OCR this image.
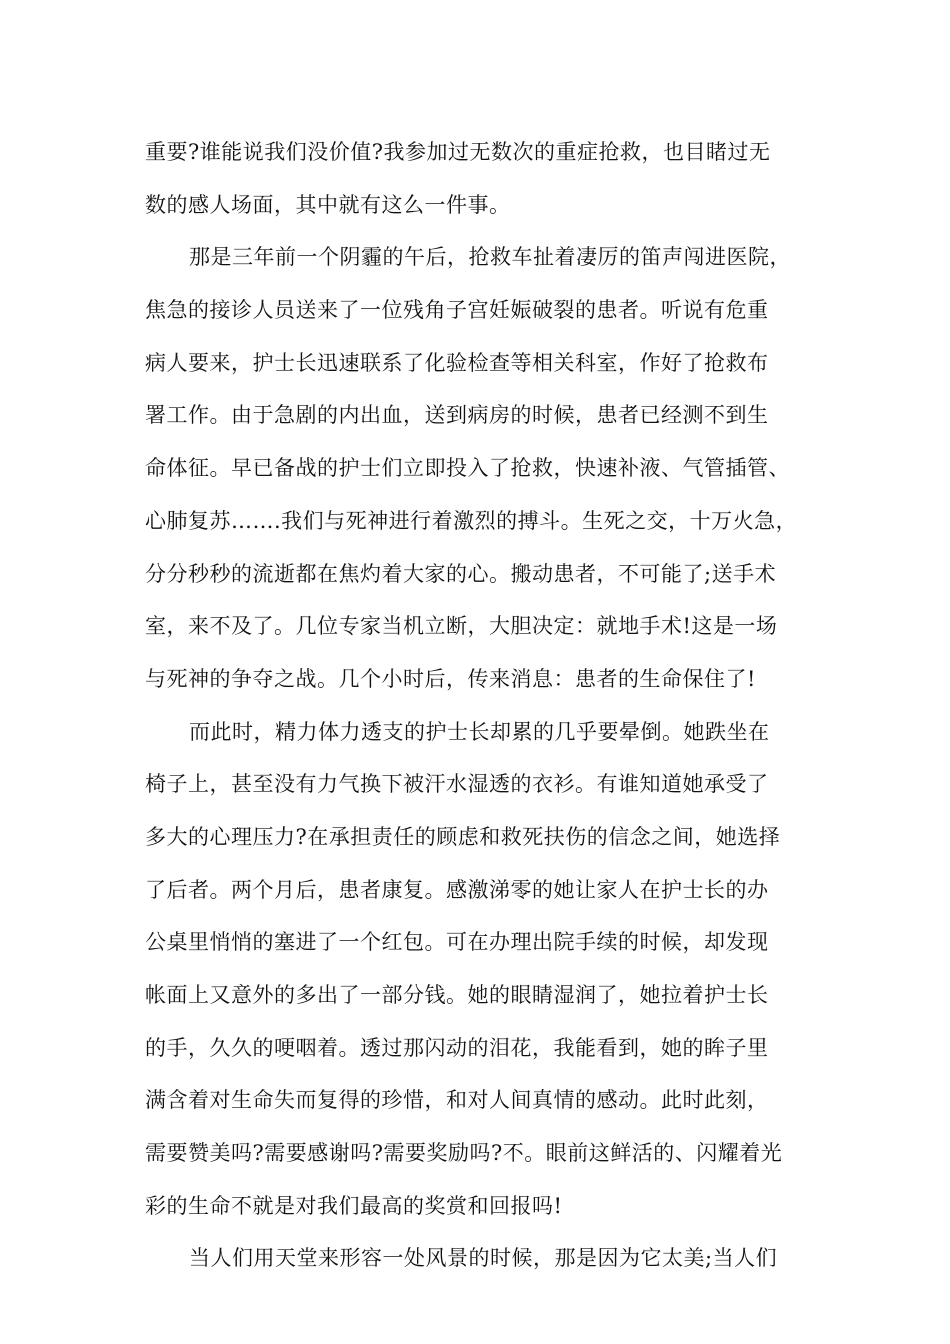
重要?谁能说我们没价值?我参加过无数次的重症抢救，也目睹过无
数的感人场面，其中就有这么一件事。
那是三年前一个阴霾的午后，抢救车扯着凄厉的笛声闯进医院，
焦急的接诊人员送来了一位残角子宫妊娠破裂的患者。听说有危重
病人要来，护士长迅速联系了化验检查等相关科室，作好了抢救布
署工作。由于急剧的内出血，送到病房的时候，患者已经测不到生
命体征。早已备战的护士们立即投入了抢救，快速补液、气管插管、
心肺复苏…….我们与死神进行着激烈的搏斗。生死之交，十万火急，
分分秒秒的流逝都在焦灼着大家的心。搬动患者，不可能了;送手术
室，来不及了。几位专家当机立断，大胆决定：就地手术!这是一场
与死神的争夺之战。几个小时后，传来消息：患者的生命保住了!
而此时，精力体力透支的护士长却累的几乎要晕倒。她跌坐在
椅子上，甚至没有力气换下被汗水湿透的衣衫。有谁知道她承受了
多大的心理压力?在承担责任的顾虑和救死扶伤的信念之间，她选择
了后者。两个月后，患者康复。感激涕零的她让家人在护士长的办
公桌里悄悄的塞进了一个红包。可在办理出院手续的时候，却发现
帐面上又意外的多出了一部分钱。她的眼睛湿润了，她拉着护士长
的手，久久的哽咽着。透过那闪动的泪花，我能看到，她的眸子里
满含着对生命失而复得的珍惜，和对人间真情的感动。此时此刻，
需要赞美吗?需要感谢吗?需要奖励吗?不。眼前这鲜活的、闪耀着光
彩的生命不就是对我们最高的奖赏和回报吗!
当人们用天堂来形容一处风景的时候，那是因为它太美;当人们
